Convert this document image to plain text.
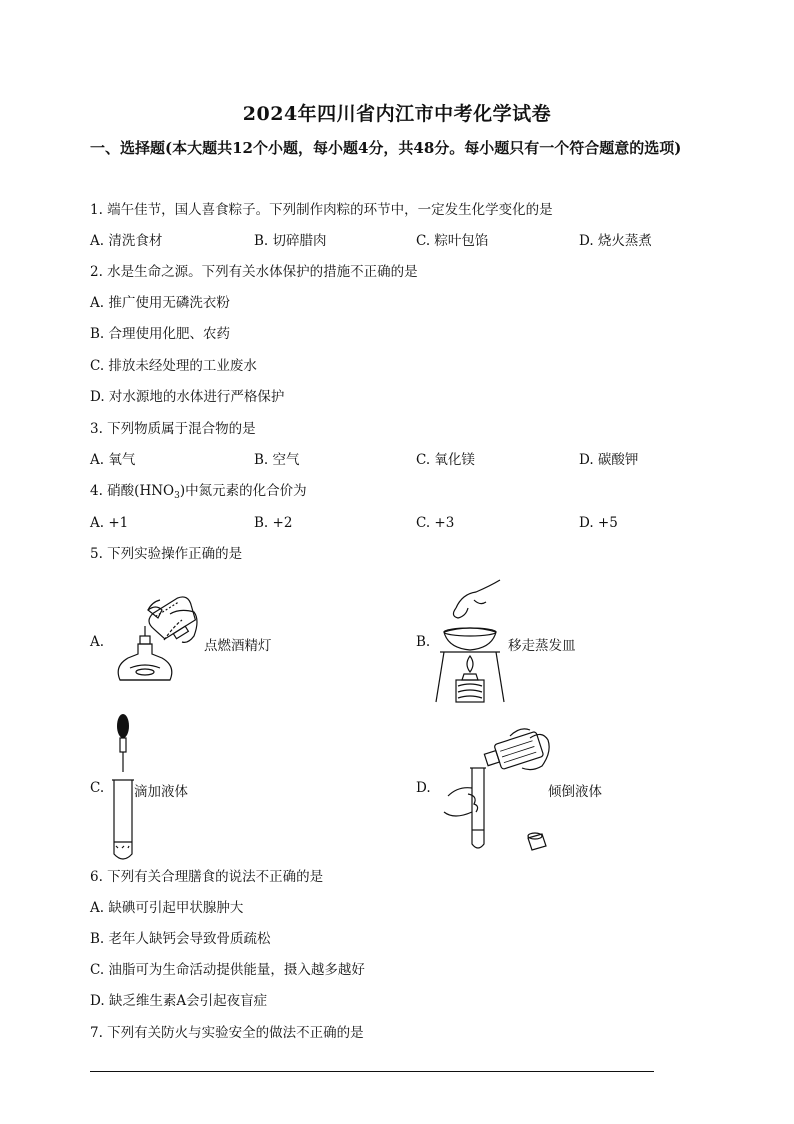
2024年四川省内江市中考化学试卷
一、选择题(本大题共12个小题，每小题4分，共48分。每小题只有一个符合题意的选项)
1. 端午佳节，国人喜食粽子。下列制作肉粽的环节中，一定发生化学变化的是
A. 清洗食材	B. 切碎腊肉	C. 粽叶包馅	D. 烧火蒸煮
2. 水是生命之源。下列有关水体保护的措施不正确的是
A. 推广使用无磷洗衣粉
B. 合理使用化肥、农药
C. 排放未经处理的工业废水
D. 对水源地的水体进行严格保护
3. 下列物质属于混合物的是
A. 氧气	B. 空气	C. 氧化镁	D. 碳酸钾
4. 硝酸$(HNO_3)$中氮元素的化合价为
A. +1	B. +2	C. +3	D. +5
5. 下列实验操作正确的是
A.	点燃酒精灯	B.	移走蒸发皿
C. 滴加液体	D.	倾倒液体
6. 下列有关合理膳食的说法不正确的是
A. 缺碘可引起甲状腺肿大
B. 老年人缺钙会导致骨质疏松
C. 油脂可为生命活动提供能量，摄入越多越好
D. 缺乏维生素A会引起夜盲症
7. 下列有关防火与实验安全的做法不正确的是
